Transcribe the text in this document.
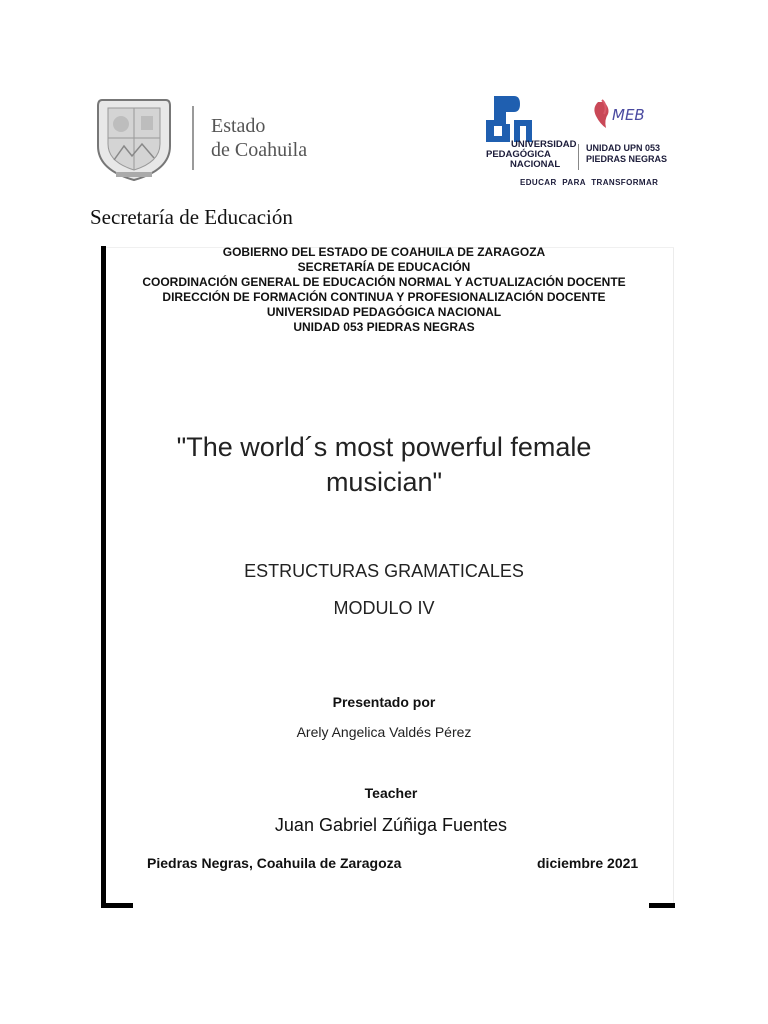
Estado
de Coahuila	UNIVERSIDAD
PEDAGÓGICA
NACIONAL
MEB
UNIDAD UPN 053
PIEDRAS NEGRAS
EDUCAR PARA TRANSFORMAR
Secretaría de Educación
GOBIERNO DEL ESTADO DE COAHUILA DE ZARAGOZA
SECRETARÍA DE EDUCACIÓN
COORDINACIÓN GENERAL DE EDUCACIÓN NORMAL Y ACTUALIZACIÓN DOCENTE
DIRECCIÓN DE FORMACIÓN CONTINUA Y PROFESIONALIZACIÓN DOCENTE
UNIVERSIDAD PEDAGÓGICA NACIONAL
UNIDAD 053 PIEDRAS NEGRAS
"The world´s most powerful female
musician"
ESTRUCTURAS GRAMATICALES
MODULO IV
Presentado por
Arely Angelica Valdés Pérez
Teacher
Juan Gabriel Zúñiga Fuentes
Piedras Negras, Coahuila de Zaragoza	diciembre 2021
